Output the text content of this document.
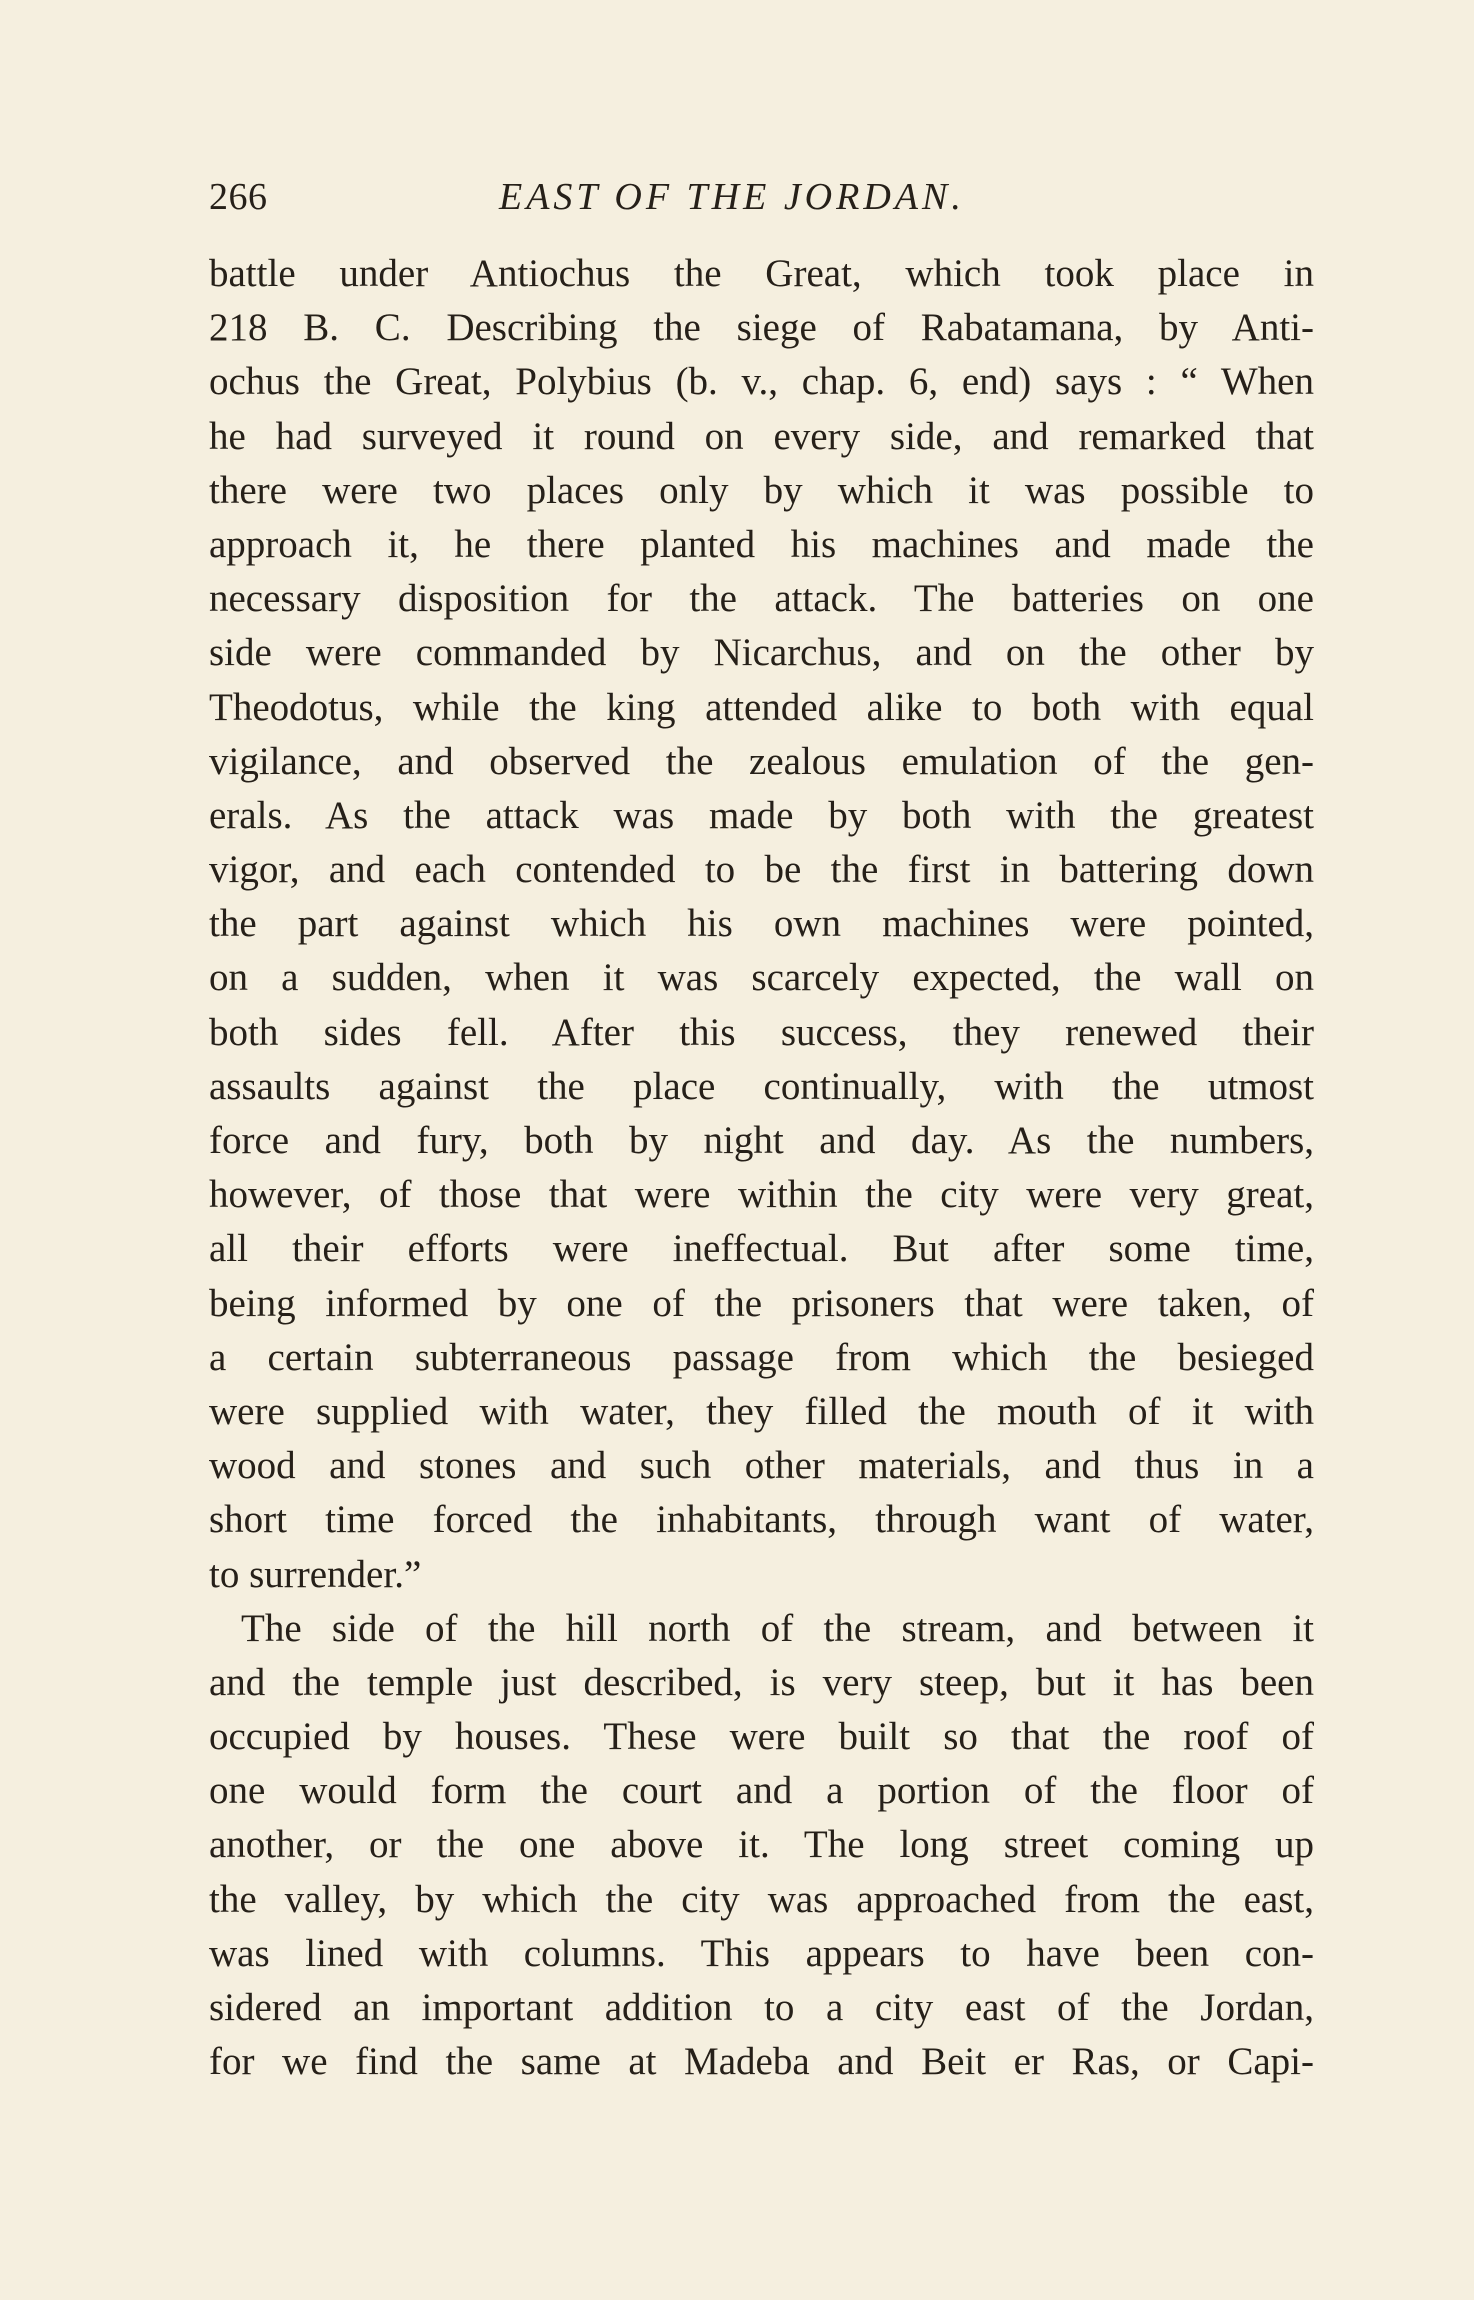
266	EAST OF THE JORDAN.
battle under Antiochus the Great, which took place in
218 B. C. Describing the siege of Rabatamana, by Anti-
ochus the Great, Polybius (b. v., chap. 6, end) says : “ When
he had surveyed it round on every side, and remarked that
there were two places only by which it was possible to
approach it, he there planted his machines and made the
necessary disposition for the attack. The batteries on one
side were commanded by Nicarchus, and on the other by
Theodotus, while the king attended alike to both with equal
vigilance, and observed the zealous emulation of the gen-
erals. As the attack was made by both with the greatest
vigor, and each contended to be the first in battering down
the part against which his own machines were pointed,
on a sudden, when it was scarcely expected, the wall on
both sides fell. After this success, they renewed their
assaults against the place continually, with the utmost
force and fury, both by night and day. As the numbers,
however, of those that were within the city were very great,
all their efforts were ineffectual. But after some time,
being informed by one of the prisoners that were taken, of
a certain subterraneous passage from which the besieged
were supplied with water, they filled the mouth of it with
wood and stones and such other materials, and thus in a
short time forced the inhabitants, through want of water,
to surrender.”
The side of the hill north of the stream, and between it
and the temple just described, is very steep, but it has been
occupied by houses. These were built so that the roof of
one would form the court and a portion of the floor of
another, or the one above it. The long street coming up
the valley, by which the city was approached from the east,
was lined with columns. This appears to have been con-
sidered an important addition to a city east of the Jordan,
for we find the same at Madeba and Beit er Ras, or Capi-
